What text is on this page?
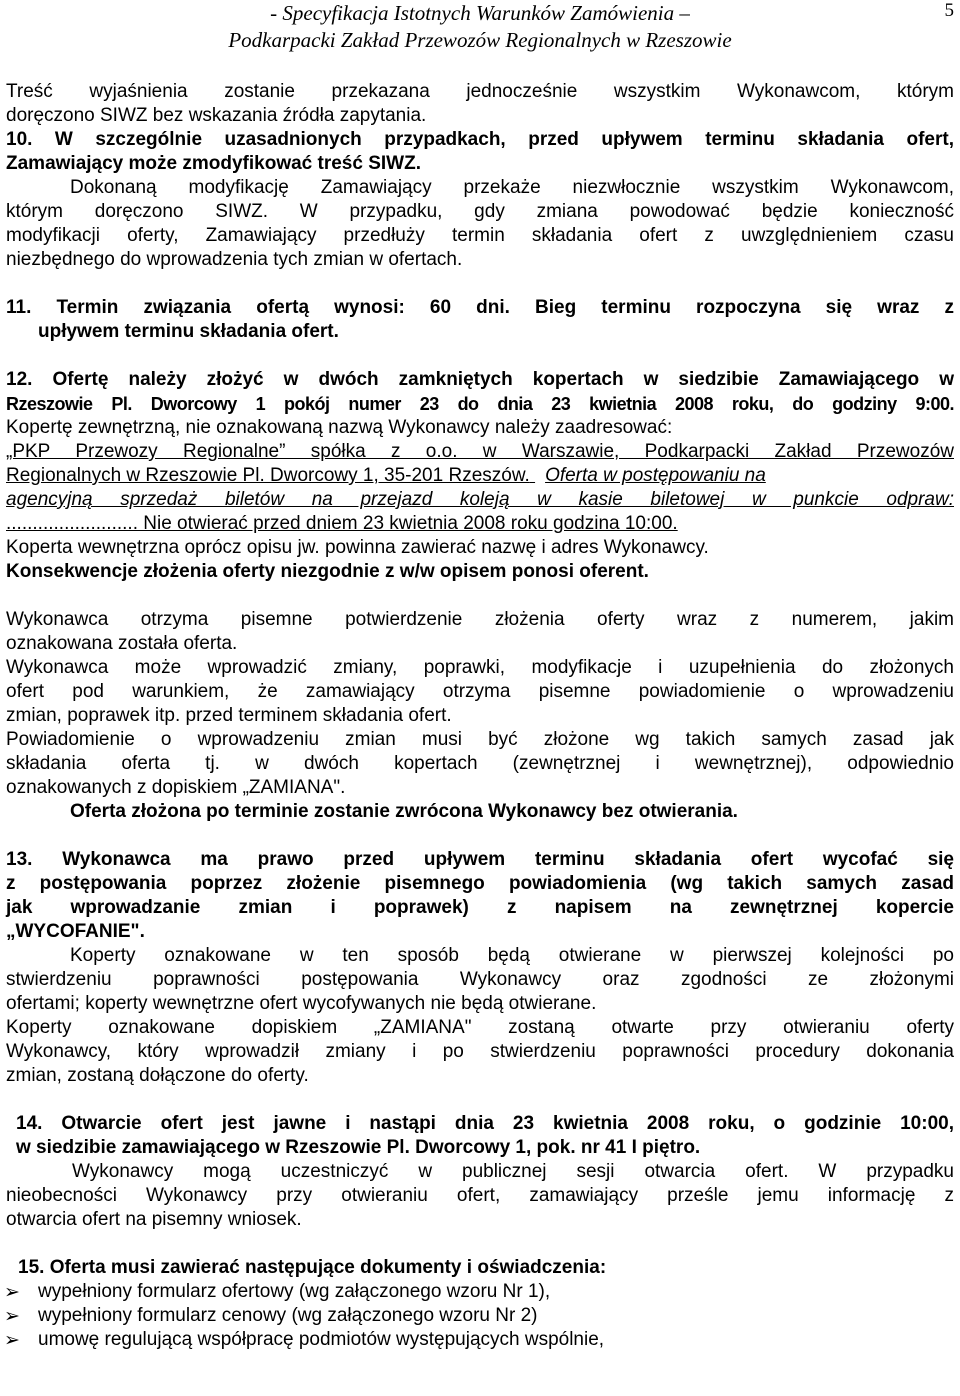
- Specyfikacja Istotnych Warunków Zamówienia –
Podkarpacki Zakład Przewozów Regionalnych w Rzeszowie
5
Treść wyjaśnienia zostanie przekazana jednocześnie wszystkim Wykonawcom, którym
doręczono SIWZ bez wskazania źródła zapytania.
10. W szczególnie uzasadnionych przypadkach, przed upływem terminu składania ofert,
Zamawiający może zmodyfikować treść SIWZ.
Dokonaną modyfikację Zamawiający przekaże niezwłocznie wszystkim Wykonawcom,
którym doręczono SIWZ. W przypadku, gdy zmiana powodować będzie konieczność
modyfikacji oferty, Zamawiający przedłuży termin składania ofert z uwzględnieniem czasu
niezbędnego do wprowadzenia tych zmian w ofertach.
11. Termin związania ofertą wynosi: 60 dni. Bieg terminu rozpoczyna się wraz z
upływem terminu składania ofert.
12. Ofertę należy złożyć w dwóch zamkniętych kopertach w siedzibie Zamawiającego w
Rzeszowie Pl. Dworcowy 1 pokój numer 23 do dnia 23 kwietnia 2008 roku, do godziny 9:00.
Kopertę zewnętrzną, nie oznakowaną nazwą Wykonawcy należy zaadresować:
„PKP Przewozy Regionalne” spółka z o.o. w Warszawie, Podkarpacki Zakład Przewozów
Regionalnych w Rzeszowie Pl. Dworcowy 1, 35-201 Rzeszów. Oferta w postępowaniu na
agencyjną sprzedaż biletów na przejazd koleją w kasie biletowej w punkcie odpraw:
......................... Nie otwierać przed dniem 23 kwietnia 2008 roku godzina 10:00.
Koperta wewnętrzna oprócz opisu jw. powinna zawierać nazwę i adres Wykonawcy.
Konsekwencje złożenia oferty niezgodnie z w/w opisem ponosi oferent.
Wykonawca otrzyma pisemne potwierdzenie złożenia oferty wraz z numerem, jakim
oznakowana została oferta.
Wykonawca może wprowadzić zmiany, poprawki, modyfikacje i uzupełnienia do złożonych
ofert pod warunkiem, że zamawiający otrzyma pisemne powiadomienie o wprowadzeniu
zmian, poprawek itp. przed terminem składania ofert.
Powiadomienie o wprowadzeniu zmian musi być złożone wg takich samych zasad jak
składania oferta tj. w dwóch kopertach (zewnętrznej i wewnętrznej), odpowiednio
oznakowanych z dopiskiem „ZAMIANA".
Oferta złożona po terminie zostanie zwrócona Wykonawcy bez otwierania.
13. Wykonawca ma prawo przed upływem terminu składania ofert wycofać się
z postępowania poprzez złożenie pisemnego powiadomienia (wg takich samych zasad
jak wprowadzanie zmian i poprawek) z napisem na zewnętrznej kopercie
„WYCOFANIE".
Koperty oznakowane w ten sposób będą otwierane w pierwszej kolejności po
stwierdzeniu poprawności postępowania Wykonawcy oraz zgodności ze złożonymi
ofertami; koperty wewnętrzne ofert wycofywanych nie będą otwierane.
Koperty oznakowane dopiskiem „ZAMIANA" zostaną otwarte przy otwieraniu oferty
Wykonawcy, który wprowadził zmiany i po stwierdzeniu poprawności procedury dokonania
zmian, zostaną dołączone do oferty.
14. Otwarcie ofert jest jawne i nastąpi dnia 23 kwietnia 2008 roku, o godzinie 10:00,
w siedzibie zamawiającego w Rzeszowie Pl. Dworcowy 1, pok. nr 41 I piętro.
Wykonawcy mogą uczestniczyć w publicznej sesji otwarcia ofert. W przypadku
nieobecności Wykonawcy przy otwieraniu ofert, zamawiający prześle jemu informację z
otwarcia ofert na pisemny wniosek.
15. Oferta musi zawierać następujące dokumenty i oświadczenia:
➢ wypełniony formularz ofertowy (wg załączonego wzoru Nr 1),
➢ wypełniony formularz cenowy (wg załączonego wzoru Nr 2)
➢ umowę regulującą współpracę podmiotów występujących wspólnie,
